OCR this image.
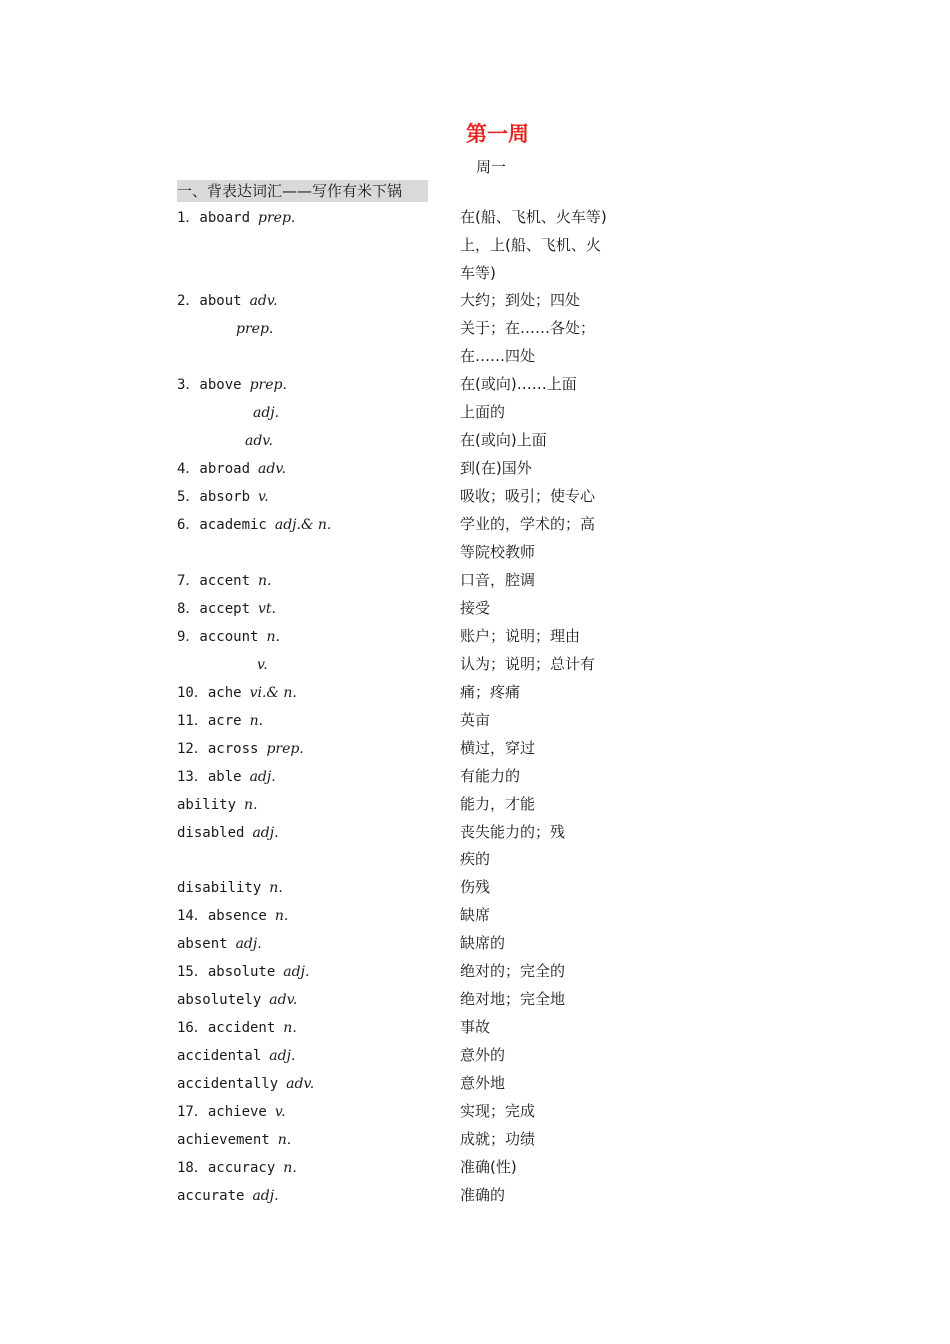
第一周
周一
一、背表达词汇——写作有米下锅
1．aboard prep.	在(船、飞机、火车等)上，上(船、飞机、火车等)
2．about adv.	大约；到处；四处
prep.	关于；在……各处；在……四处
3．above prep.	在(或向)……上面
adj.	上面的
adv.	在(或向)上面
4．abroad adv.	到(在)国外
5．absorb v.	吸收；吸引；使专心
6．academic adj.& n.	学业的，学术的；高等院校教师
7．accent n.	口音，腔调
8．accept vt.	接受
9．account n.	账户；说明；理由
v.	认为；说明；总计有
10．ache vi.& n.	痛；疼痛
11．acre n.	英亩
12．across prep.	横过，穿过
13．able adj.	有能力的
ability n.	能力，才能
disabled adj.	丧失能力的；残疾的
disability n.	伤残
14．absence n.	缺席
absent adj.	缺席的
15．absolute adj.	绝对的；完全的
absolutely adv.	绝对地；完全地
16．accident n.	事故
accidental adj.	意外的
accidentally adv.	意外地
17．achieve v.	实现；完成
achievement n.	成就；功绩
18．accuracy n.	准确(性)
accurate adj.	准确的
